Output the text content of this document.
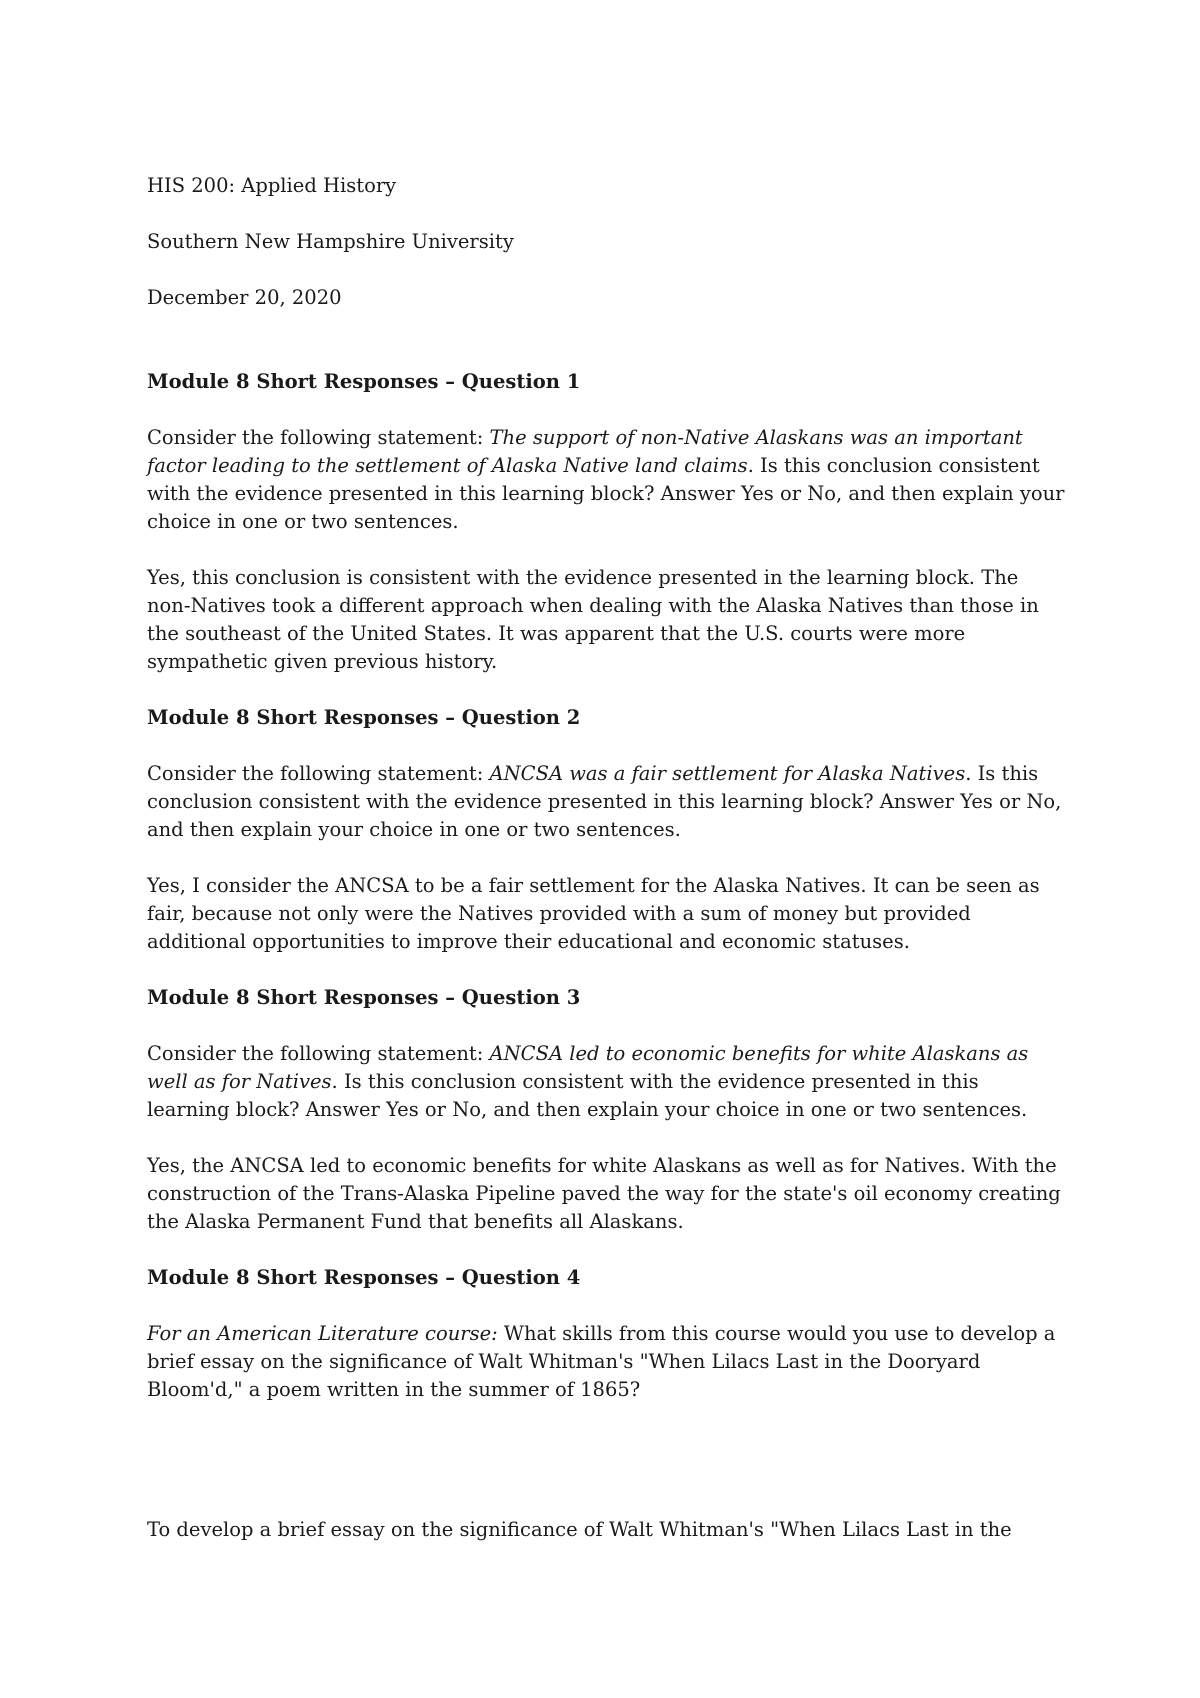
HIS 200: Applied History

Southern New Hampshire University

December 20, 2020

Module 8 Short Responses – Question 1

Consider the following statement: The support of non-Native Alaskans was an important factor leading to the settlement of Alaska Native land claims. Is this conclusion consistent with the evidence presented in this learning block? Answer Yes or No, and then explain your choice in one or two sentences.

Yes, this conclusion is consistent with the evidence presented in the learning block. The non-Natives took a different approach when dealing with the Alaska Natives than those in the southeast of the United States. It was apparent that the U.S. courts were more sympathetic given previous history.

Module 8 Short Responses – Question 2

Consider the following statement: ANCSA was a fair settlement for Alaska Natives. Is this conclusion consistent with the evidence presented in this learning block? Answer Yes or No, and then explain your choice in one or two sentences.

Yes, I consider the ANCSA to be a fair settlement for the Alaska Natives. It can be seen as fair, because not only were the Natives provided with a sum of money but provided additional opportunities to improve their educational and economic statuses.

Module 8 Short Responses – Question 3

Consider the following statement: ANCSA led to economic benefits for white Alaskans as well as for Natives. Is this conclusion consistent with the evidence presented in this learning block? Answer Yes or No, and then explain your choice in one or two sentences.

Yes, the ANCSA led to economic benefits for white Alaskans as well as for Natives. With the construction of the Trans-Alaska Pipeline paved the way for the state's oil economy creating the Alaska Permanent Fund that benefits all Alaskans.

Module 8 Short Responses – Question 4

For an American Literature course: What skills from this course would you use to develop a brief essay on the significance of Walt Whitman's "When Lilacs Last in the Dooryard Bloom'd," a poem written in the summer of 1865?

To develop a brief essay on the significance of Walt Whitman's "When Lilacs Last in the
